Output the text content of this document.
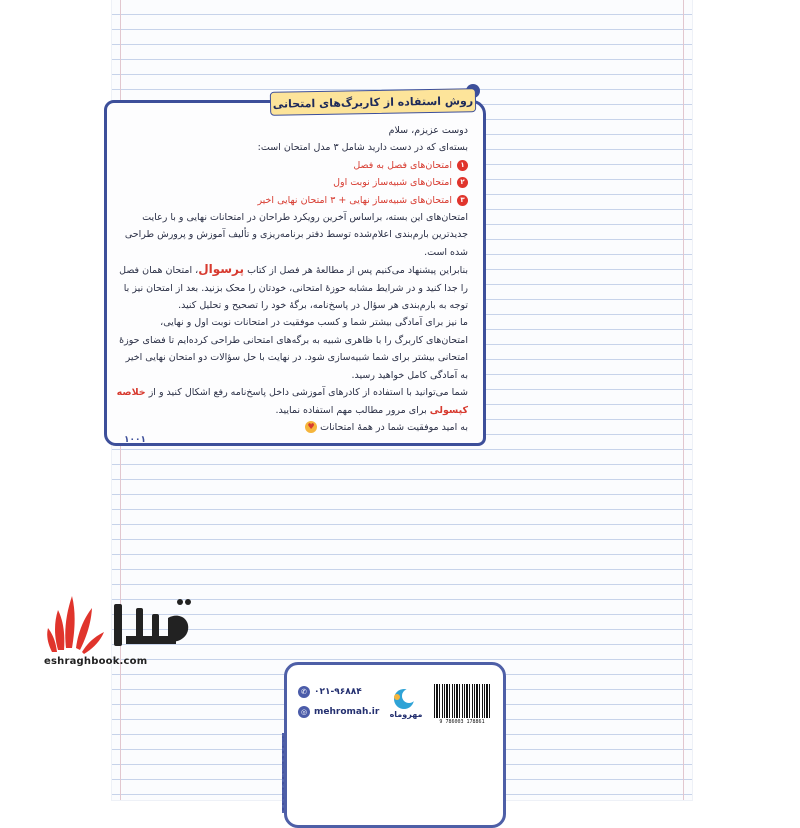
روش استفاده از کاربرگ‌های امتحانی

دوست عزیزم، سلام

بسته‌ای که در دست دارید شامل ۳ مدل امتحان است:

۱
امتحان‌های فصل به فصل
۲
امتحان‌های شبیه‌ساز نوبت اول
۳
امتحان‌های شبیه‌ساز نهایی + ۳ امتحان نهایی اخیر

امتحان‌های این بسته، براساس آخرین رویکرد طراحان در امتحانات نهایی و با رعایت جدیدترین بارم‌بندی اعلام‌شده توسط دفتر برنامه‌ریزی و تألیف آموزش و پرورش طراحی شده است.

بنابراین پیشنهاد می‌کنیم پس از مطالعهٔ هر فصل از کتاب پرسوال، امتحان همان فصل را جدا کنید و در شرایط مشابه حوزهٔ امتحانی، خودتان را محک بزنید. بعد از امتحان نیز با توجه به بارم‌بندی هر سؤال در پاسخ‌نامه، برگهٔ خود را تصحیح و تحلیل کنید.

ما نیز برای آمادگی بیشتر شما و کسب موفقیت در امتحانات نوبت اول و نهایی، امتحان‌های کاربرگ را با ظاهری شبیه به برگه‌های امتحانی طراحی کرده‌ایم تا فضای حوزهٔ امتحانی بیشتر برای شما شبیه‌سازی شود. در نهایت با حل سؤالات دو امتحان نهایی اخیر به آمادگی کامل خواهید رسید.

شما می‌توانید با استفاده از کادرهای آموزشی داخل پاسخ‌نامه رفع اشکال کنید و از خلاصه کپسولی برای مرور مطالب مهم استفاده نمایید.

به امید موفقیت شما در همهٔ امتحانات ♥

۱۰۰۱
eshraghbook.com
✆ ۰۲۱-۹۶۸۸۴
◎ mehromah.ir	مهروماه
9 786003 178861
